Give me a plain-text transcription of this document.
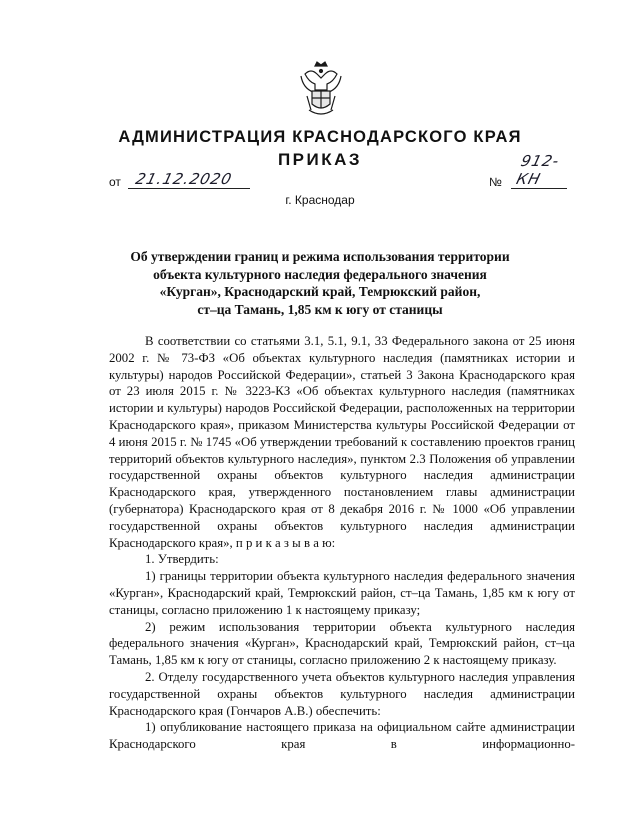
АДМИНИСТРАЦИЯ КРАСНОДАРСКОГО КРАЯ
ПРИКАЗ
от 21.12.2020	№
912-КН
г. Краснодар
Об утверждении границ и режима использования территории
объекта культурного наследия федерального значения
«Курган», Краснодарский край, Темрюкский район,
ст–ца Тамань, 1,85 км к югу от станицы

В соответствии со статьями 3.1, 5.1, 9.1, 33 Федерального закона от 25 июня 2002 г. № 73-ФЗ «Об объектах культурного наследия (памятниках истории и культуры) народов Российской Федерации», статьей 3 Закона Краснодарского края от 23 июля 2015 г. № 3223-КЗ «Об объектах культурного наследия (памятниках истории и культуры) народов Российской Федерации, расположенных на территории Краснодарского края», приказом Министерства культуры Российской Федерации от 4 июня 2015 г. № 1745 «Об утверждении требований к составлению проектов границ территорий объектов культурного наследия», пунктом 2.3 Положения об управлении государственной охраны объектов культурного наследия администрации Краснодарского края, утвержденного постановлением главы администрации (губернатора) Краснодарского края от 8 декабря 2016 г. № 1000 «Об управлении государственной охраны объектов культурного наследия администрации Краснодарского края», п р и к а з ы в а ю:

1. Утвердить:

1) границы территории объекта культурного наследия федерального значения «Курган», Краснодарский край, Темрюкский район, ст–ца Тамань, 1,85 км к югу от станицы, согласно приложению 1 к настоящему приказу;

2) режим использования территории объекта культурного наследия федерального значения «Курган», Краснодарский край, Темрюкский район, ст–ца Тамань, 1,85 км к югу от станицы, согласно приложению 2 к настоящему приказу.

2. Отделу государственного учета объектов культурного наследия управления государственной охраны объектов культурного наследия администрации Краснодарского края (Гончаров А.В.) обеспечить:

1) опубликование настоящего приказа на официальном сайте администрации Краснодарского края в информационно-
